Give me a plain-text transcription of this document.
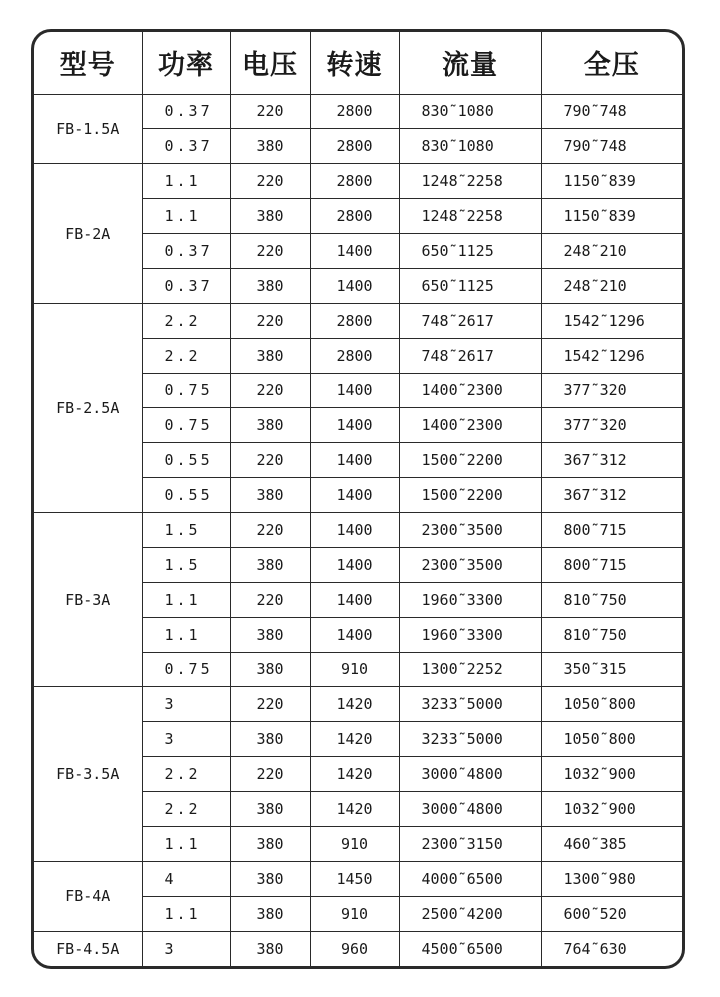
型号	功率	电压	转速	流量	全压
FB-1.5A	0.37	220	2800	830˜1080	790˜748
	0.37	380	2800	830˜1080	790˜748
FB-2A	1.1	220	2800	1248˜2258	1150˜839
	1.1	380	2800	1248˜2258	1150˜839
	0.37	220	1400	650˜1125	248˜210
	0.37	380	1400	650˜1125	248˜210
FB-2.5A	2.2	220	2800	748˜2617	1542˜1296
	2.2	380	2800	748˜2617	1542˜1296
	0.75	220	1400	1400˜2300	377˜320
	0.75	380	1400	1400˜2300	377˜320
	0.55	220	1400	1500˜2200	367˜312
	0.55	380	1400	1500˜2200	367˜312
FB-3A	1.5	220	1400	2300˜3500	800˜715
	1.5	380	1400	2300˜3500	800˜715
	1.1	220	1400	1960˜3300	810˜750
	1.1	380	1400	1960˜3300	810˜750
	0.75	380	910	1300˜2252	350˜315
FB-3.5A	3	220	1420	3233˜5000	1050˜800
	3	380	1420	3233˜5000	1050˜800
	2.2	220	1420	3000˜4800	1032˜900
	2.2	380	1420	3000˜4800	1032˜900
	1.1	380	910	2300˜3150	460˜385
FB-4A	4	380	1450	4000˜6500	1300˜980
	1.1	380	910	2500˜4200	600˜520
FB-4.5A	3	380	960	4500˜6500	764˜630
